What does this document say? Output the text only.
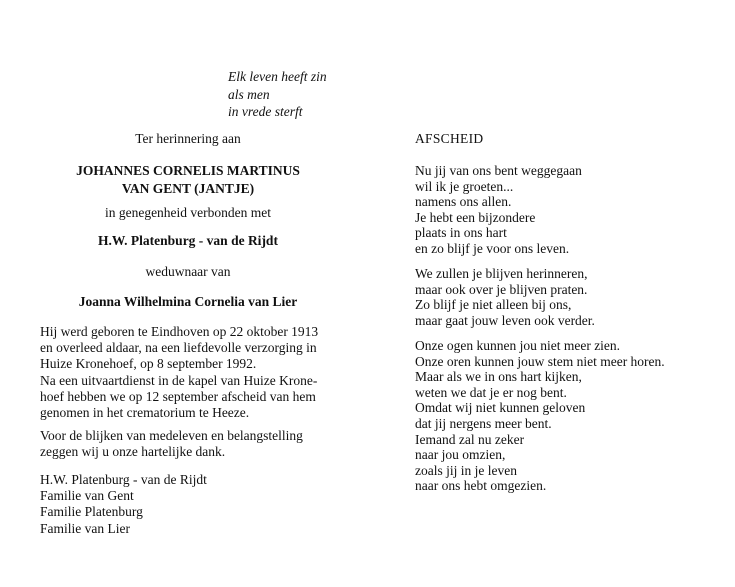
Elk leven heeft zin
als men
in vrede sterft
Ter herinnering aan
JOHANNES CORNELIS MARTINUS
VAN GENT (JANTJE)
in genegenheid verbonden met
H.W. Platenburg - van de Rijdt
weduwnaar van
Joanna Wilhelmina Cornelia van Lier
Hij werd geboren te Eindhoven op 22 oktober 1913
en overleed aldaar, na een liefdevolle verzorging in
Huize Kronehoef, op 8 september 1992.
Na een uitvaartdienst in de kapel van Huize Krone-
hoef hebben we op 12 september afscheid van hem
genomen in het crematorium te Heeze.
Voor de blijken van medeleven en belangstelling
zeggen wij u onze hartelijke dank.
H.W. Platenburg - van de Rijdt
Familie van Gent
Familie Platenburg
Familie van Lier
AFSCHEID
Nu jij van ons bent weggegaan
wil ik je groeten...
namens ons allen.
Je hebt een bijzondere
plaats in ons hart
en zo blijf je voor ons leven.
We zullen je blijven herinneren,
maar ook over je blijven praten.
Zo blijf je niet alleen bij ons,
maar gaat jouw leven ook verder.
Onze ogen kunnen jou niet meer zien.
Onze oren kunnen jouw stem niet meer horen.
Maar als we in ons hart kijken,
weten we dat je er nog bent.
Omdat wij niet kunnen geloven
dat jij nergens meer bent.
Iemand zal nu zeker
naar jou omzien,
zoals jij in je leven
naar ons hebt omgezien.
